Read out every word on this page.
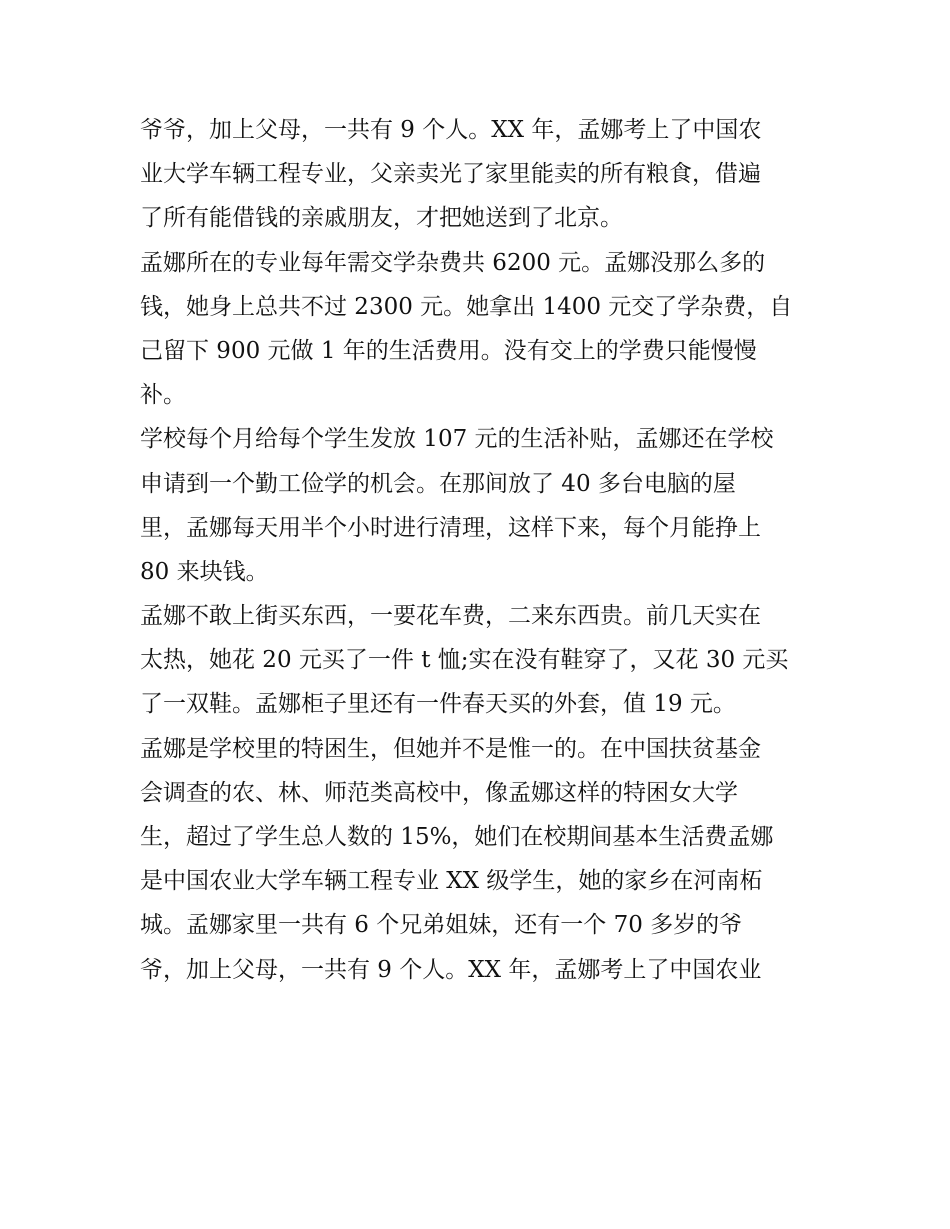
爷爷，加上父母，一共有 9 个人。XX 年，孟娜考上了中国农
业大学车辆工程专业，父亲卖光了家里能卖的所有粮食，借遍
了所有能借钱的亲戚朋友，才把她送到了北京。
孟娜所在的专业每年需交学杂费共 6200 元。孟娜没那么多的
钱，她身上总共不过 2300 元。她拿出 1400 元交了学杂费，自
己留下 900 元做 1 年的生活费用。没有交上的学费只能慢慢
补。
学校每个月给每个学生发放 107 元的生活补贴，孟娜还在学校
申请到一个勤工俭学的机会。在那间放了 40 多台电脑的屋
里，孟娜每天用半个小时进行清理，这样下来，每个月能挣上
80 来块钱。
孟娜不敢上街买东西，一要花车费，二来东西贵。前几天实在
太热，她花 20 元买了一件 t 恤;实在没有鞋穿了，又花 30 元买
了一双鞋。孟娜柜子里还有一件春天买的外套，值 19 元。
孟娜是学校里的特困生，但她并不是惟一的。在中国扶贫基金
会调查的农、林、师范类高校中，像孟娜这样的特困女大学
生，超过了学生总人数的 15%，她们在校期间基本生活费孟娜
是中国农业大学车辆工程专业 XX 级学生，她的家乡在河南柘
城。孟娜家里一共有 6 个兄弟姐妹，还有一个 70 多岁的爷
爷，加上父母，一共有 9 个人。XX 年，孟娜考上了中国农业
